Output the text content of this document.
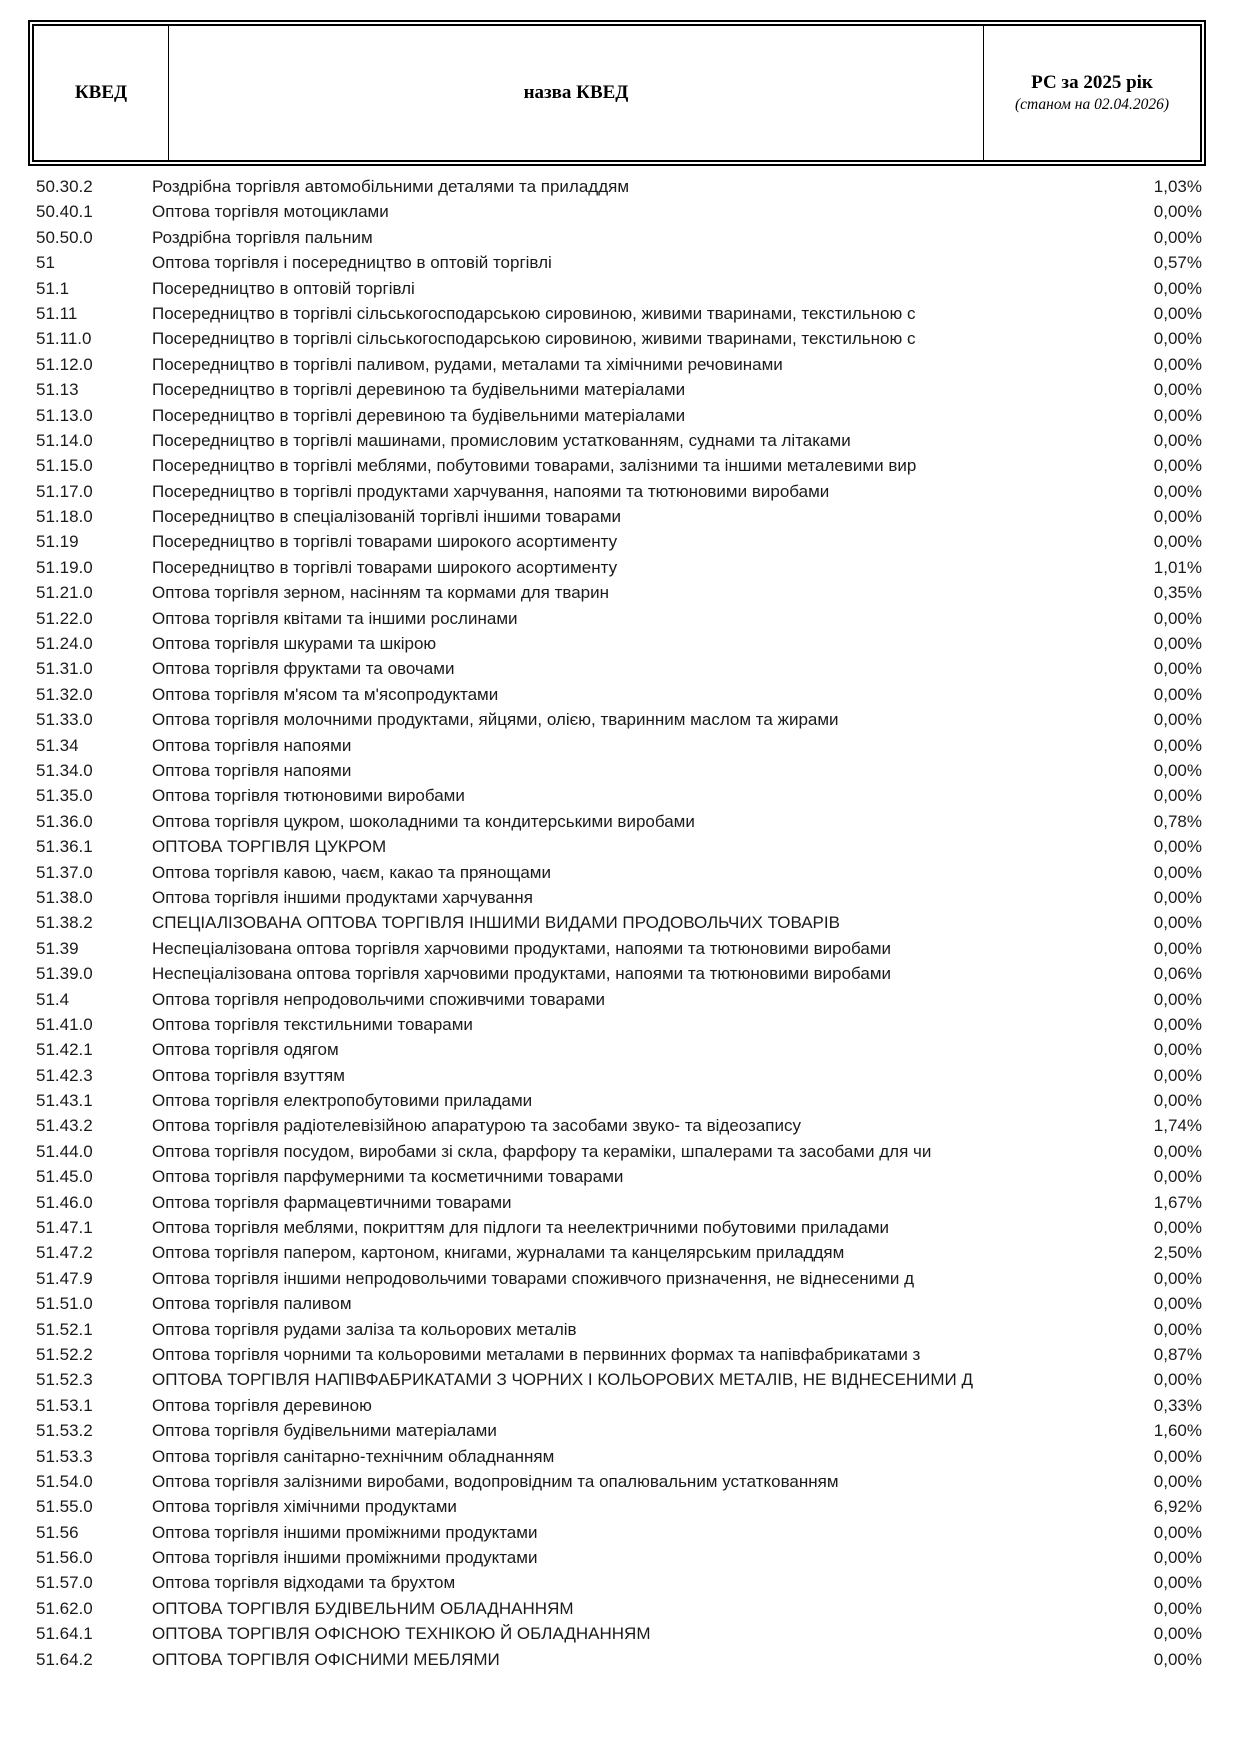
КВЕД	назва КВЕД	РС за 2025 рік
(станом на 02.04.2026)
50.30.2	Роздрібна торгівля автомобільними деталями та приладдям	1,03%
50.40.1	Оптова торгівля мотоциклами	0,00%
50.50.0	Роздрібна торгівля пальним	0,00%
51	Оптова торгівля і посередництво в оптовій торгівлі	0,57%
51.1	Посередництво в оптовій торгівлі	0,00%
51.11	Посередництво в торгівлі сільськогосподарською сировиною, живими тваринами, текстильною с	0,00%
51.11.0	Посередництво в торгівлі сільськогосподарською сировиною, живими тваринами, текстильною с	0,00%
51.12.0	Посередництво в торгівлі паливом, рудами, металами та хімічними речовинами	0,00%
51.13	Посередництво в торгівлі деревиною та будівельними матеріалами	0,00%
51.13.0	Посередництво в торгівлі деревиною та будівельними матеріалами	0,00%
51.14.0	Посередництво в торгівлі машинами, промисловим устаткованням, суднами та літаками	0,00%
51.15.0	Посередництво в торгівлі меблями, побутовими товарами, залізними та іншими металевими вир	0,00%
51.17.0	Посередництво в торгівлі продуктами харчування, напоями та тютюновими виробами	0,00%
51.18.0	Посередництво в спеціалізованій торгівлі іншими товарами	0,00%
51.19	Посередництво в торгівлі товарами широкого асортименту	0,00%
51.19.0	Посередництво в торгівлі товарами широкого асортименту	1,01%
51.21.0	Оптова торгівля зерном, насінням та кормами для тварин	0,35%
51.22.0	Оптова торгівля квітами та іншими рослинами	0,00%
51.24.0	Оптова торгівля шкурами та шкірою	0,00%
51.31.0	Оптова торгівля фруктами та овочами	0,00%
51.32.0	Оптова торгівля м'ясом та м'ясопродуктами	0,00%
51.33.0	Оптова торгівля молочними продуктами, яйцями, олією, тваринним маслом та жирами	0,00%
51.34	Оптова торгівля напоями	0,00%
51.34.0	Оптова торгівля напоями	0,00%
51.35.0	Оптова торгівля тютюновими виробами	0,00%
51.36.0	Оптова торгівля цукром, шоколадними та кондитерськими виробами	0,78%
51.36.1	ОПТОВА ТОРГІВЛЯ ЦУКРОМ	0,00%
51.37.0	Оптова торгівля кавою, чаєм, какао та прянощами	0,00%
51.38.0	Оптова торгівля іншими продуктами харчування	0,00%
51.38.2	СПЕЦІАЛІЗОВАНА ОПТОВА ТОРГІВЛЯ ІНШИМИ ВИДАМИ ПРОДОВОЛЬЧИХ ТОВАРІВ	0,00%
51.39	Неспеціалізована оптова торгівля харчовими продуктами, напоями та тютюновими виробами	0,00%
51.39.0	Неспеціалізована оптова торгівля харчовими продуктами, напоями та тютюновими виробами	0,06%
51.4	Оптова торгівля непродовольчими споживчими товарами	0,00%
51.41.0	Оптова торгівля текстильними товарами	0,00%
51.42.1	Оптова торгівля одягом	0,00%
51.42.3	Оптова торгівля взуттям	0,00%
51.43.1	Оптова торгівля електропобутовими приладами	0,00%
51.43.2	Оптова торгівля радіотелевізійною апаратурою та засобами звуко- та відеозапису	1,74%
51.44.0	Оптова торгівля посудом, виробами зі скла, фарфору та кераміки, шпалерами та засобами для чи	0,00%
51.45.0	Оптова торгівля парфумерними та косметичними товарами	0,00%
51.46.0	Оптова торгівля фармацевтичними товарами	1,67%
51.47.1	Оптова торгівля меблями, покриттям для підлоги та неелектричними побутовими приладами	0,00%
51.47.2	Оптова торгівля папером, картоном, книгами, журналами та канцелярським приладдям	2,50%
51.47.9	Оптова торгівля іншими непродовольчими товарами споживчого призначення, не віднесеними д	0,00%
51.51.0	Оптова торгівля паливом	0,00%
51.52.1	Оптова торгівля рудами заліза та кольорових металів	0,00%
51.52.2	Оптова торгівля чорними та кольоровими металами в первинних формах та напівфабрикатами з	0,87%
51.52.3	ОПТОВА ТОРГІВЛЯ НАПІВФАБРИКАТАМИ З ЧОРНИХ І КОЛЬОРОВИХ МЕТАЛІВ, НЕ ВІДНЕСЕНИМИ Д	0,00%
51.53.1	Оптова торгівля деревиною	0,33%
51.53.2	Оптова торгівля будівельними матеріалами	1,60%
51.53.3	Оптова торгівля санітарно-технічним обладнанням	0,00%
51.54.0	Оптова торгівля залізними виробами, водопровідним та опалювальним устаткованням	0,00%
51.55.0	Оптова торгівля хімічними продуктами	6,92%
51.56	Оптова торгівля іншими проміжними продуктами	0,00%
51.56.0	Оптова торгівля іншими проміжними продуктами	0,00%
51.57.0	Оптова торгівля відходами та брухтом	0,00%
51.62.0	ОПТОВА ТОРГІВЛЯ БУДІВЕЛЬНИМ ОБЛАДНАННЯМ	0,00%
51.64.1	ОПТОВА ТОРГІВЛЯ ОФІСНОЮ ТЕХНІКОЮ Й ОБЛАДНАННЯМ	0,00%
51.64.2	ОПТОВА ТОРГІВЛЯ ОФІСНИМИ МЕБЛЯМИ	0,00%
